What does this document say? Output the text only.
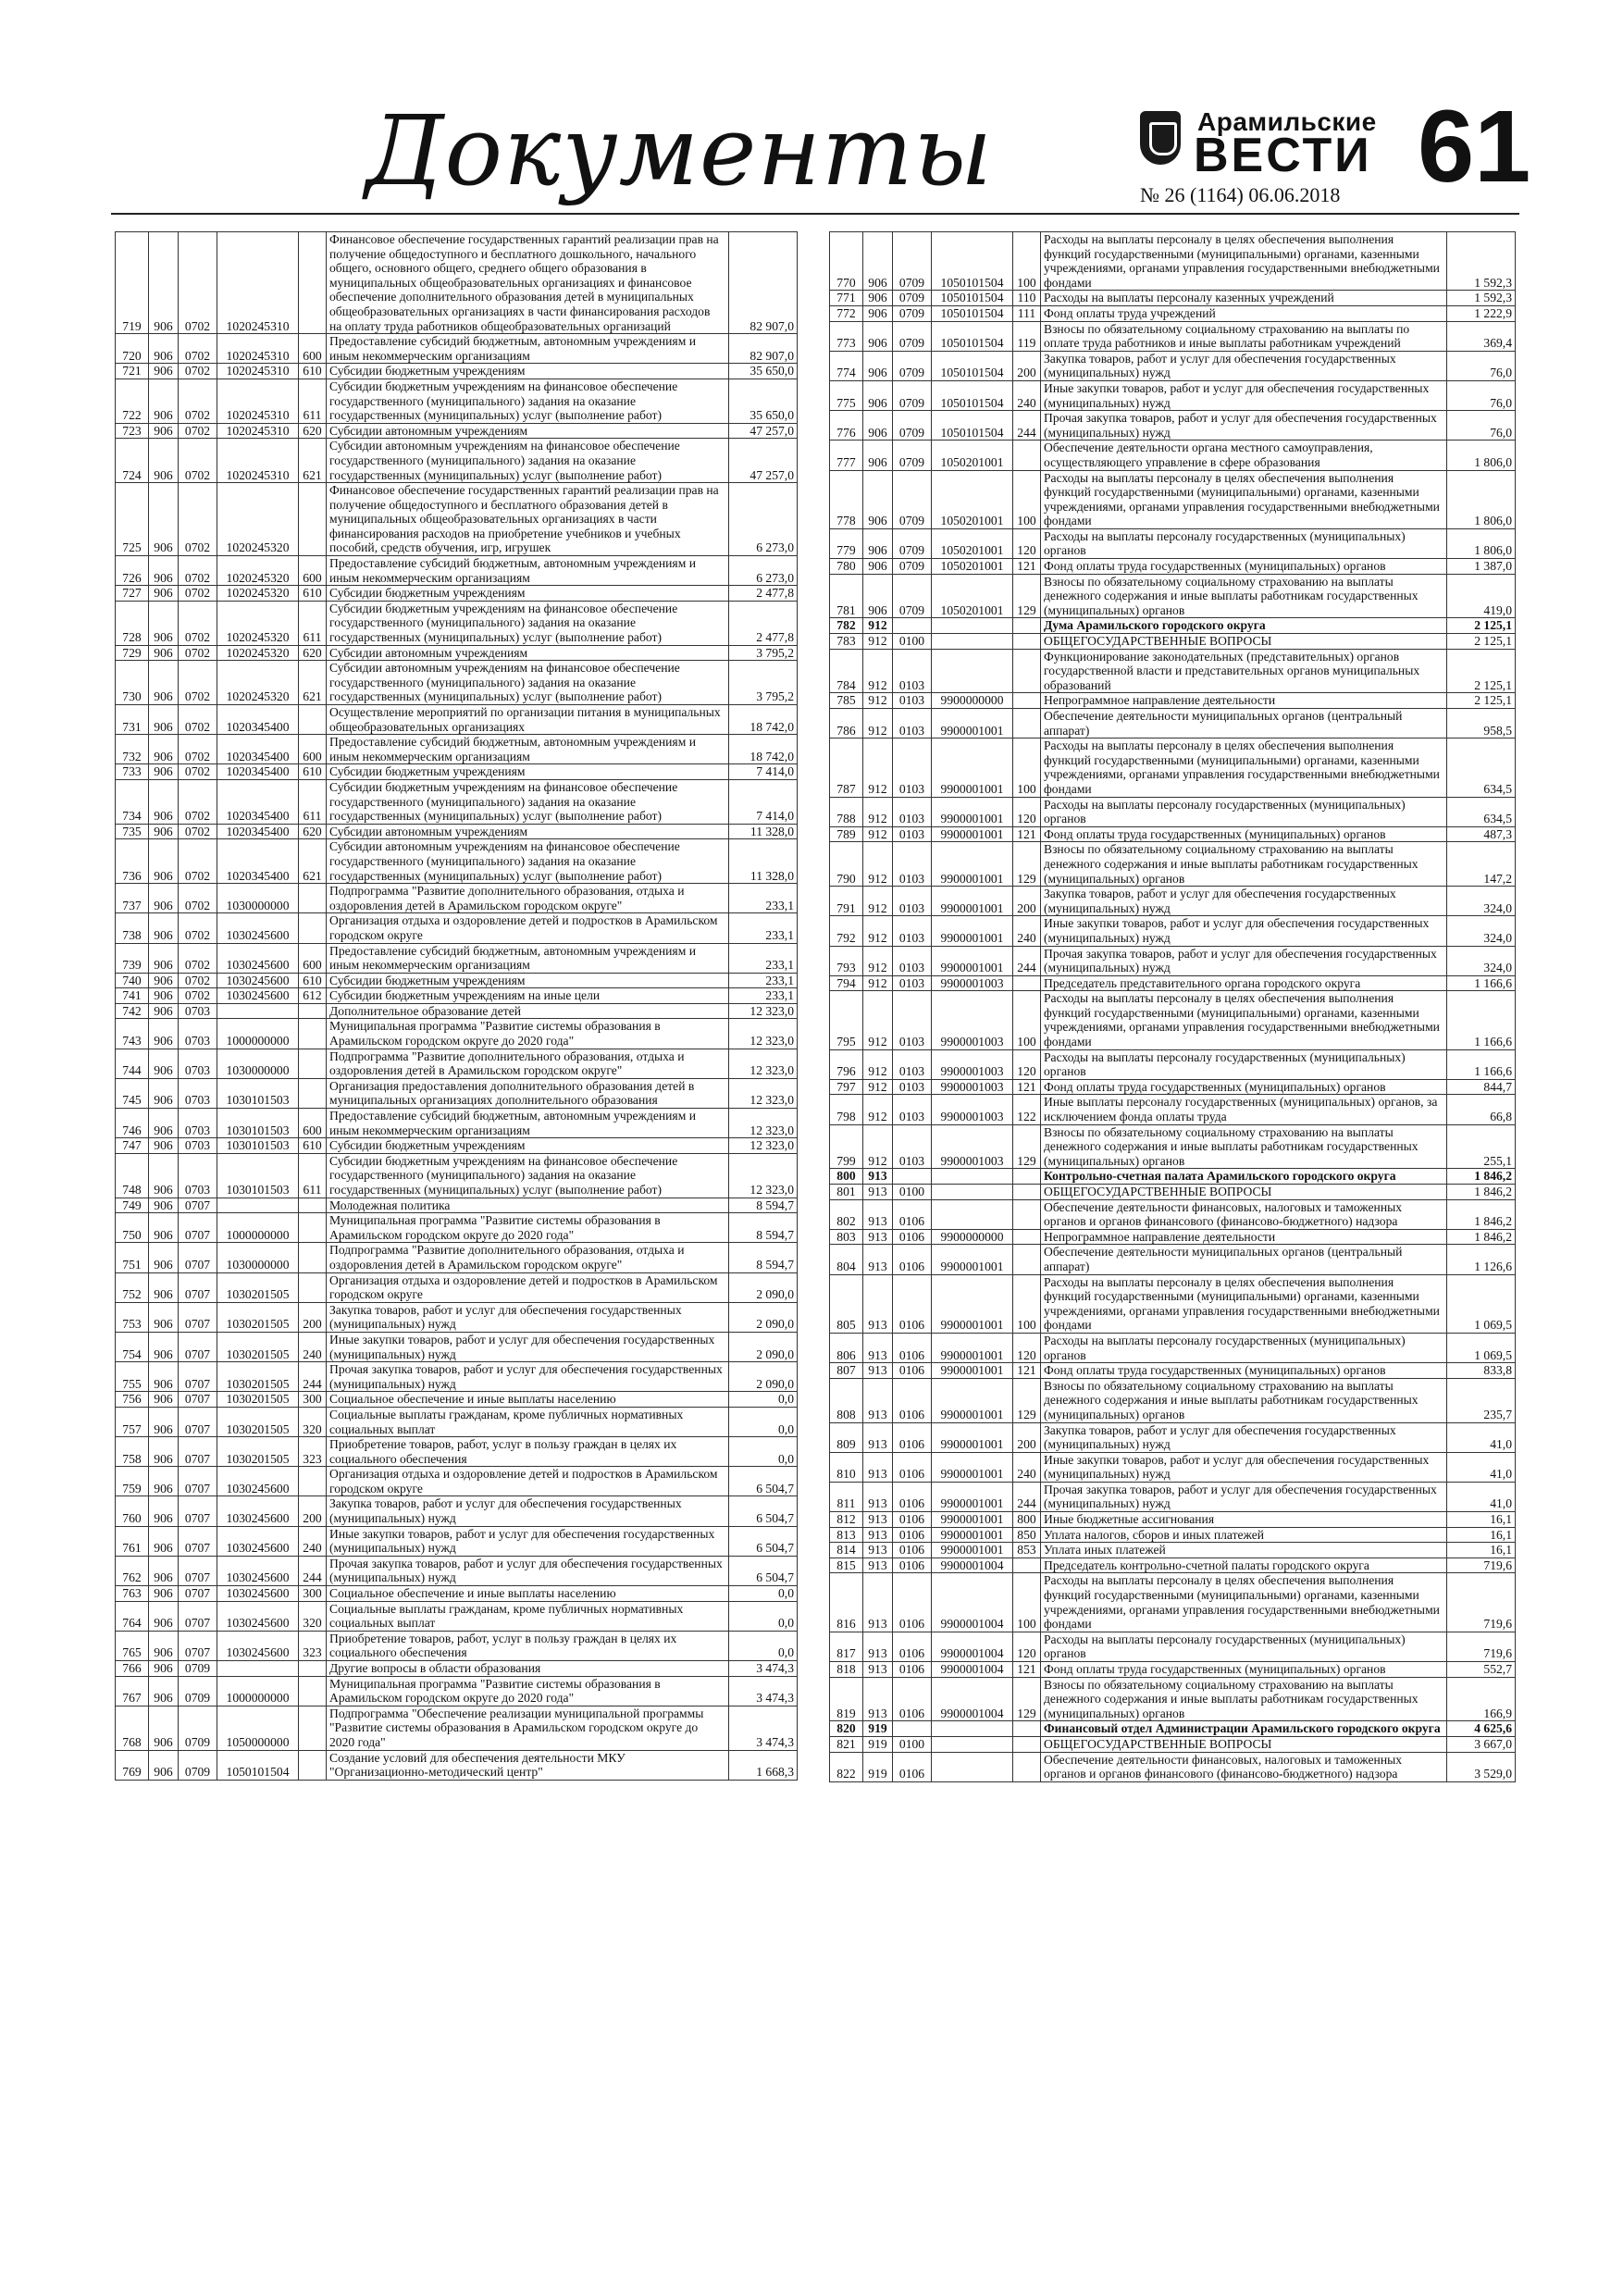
Документы	Арамильские
ВЕСТИ
№ 26 (1164) 06.06.2018 61
719	906	0702	1020245310		Финансовое обеспечение государственных гарантий реализации прав на получение общедоступного и бесплатного дошкольного, начального общего, основного общего, среднего общего образования в муниципальных общеобразовательных организациях и финансовое обеспечение дополнительного образования детей в муниципальных общеобразовательных организациях в части финансирования расходов на оплату труда работников общеобразовательных организаций	82 907,0
720	906	0702	1020245310	600	Предоставление субсидий бюджетным, автономным учреждениям и иным некоммерческим организациям	82 907,0
721	906	0702	1020245310	610	Субсидии бюджетным учреждениям	35 650,0
722	906	0702	1020245310	611	Субсидии бюджетным учреждениям на финансовое обеспечение государственного (муниципального) задания на оказание государственных (муниципальных) услуг (выполнение работ)	35 650,0
723	906	0702	1020245310	620	Субсидии автономным учреждениям	47 257,0
724	906	0702	1020245310	621	Субсидии автономным учреждениям на финансовое обеспечение государственного (муниципального) задания на оказание государственных (муниципальных) услуг (выполнение работ)	47 257,0
725	906	0702	1020245320		Финансовое обеспечение государственных гарантий реализации прав на получение общедоступного и бесплатного образования детей в муниципальных общеобразовательных организациях в части финансирования расходов на приобретение учебников и учебных пособий, средств обучения, игр, игрушек	6 273,0
726	906	0702	1020245320	600	Предоставление субсидий бюджетным, автономным учреждениям и иным некоммерческим организациям	6 273,0
727	906	0702	1020245320	610	Субсидии бюджетным учреждениям	2 477,8
728	906	0702	1020245320	611	Субсидии бюджетным учреждениям на финансовое обеспечение государственного (муниципального) задания на оказание государственных (муниципальных) услуг (выполнение работ)	2 477,8
729	906	0702	1020245320	620	Субсидии автономным учреждениям	3 795,2
730	906	0702	1020245320	621	Субсидии автономным учреждениям на финансовое обеспечение государственного (муниципального) задания на оказание государственных (муниципальных) услуг (выполнение работ)	3 795,2
731	906	0702	1020345400		Осуществление мероприятий по организации питания в муниципальных общеобразовательных организациях	18 742,0
732	906	0702	1020345400	600	Предоставление субсидий бюджетным, автономным учреждениям и иным некоммерческим организациям	18 742,0
733	906	0702	1020345400	610	Субсидии бюджетным учреждениям	7 414,0
734	906	0702	1020345400	611	Субсидии бюджетным учреждениям на финансовое обеспечение государственного (муниципального) задания на оказание государственных (муниципальных) услуг (выполнение работ)	7 414,0
735	906	0702	1020345400	620	Субсидии автономным учреждениям	11 328,0
736	906	0702	1020345400	621	Субсидии автономным учреждениям на финансовое обеспечение государственного (муниципального) задания на оказание государственных (муниципальных) услуг (выполнение работ)	11 328,0
737	906	0702	1030000000		Подпрограмма "Развитие дополнительного образования, отдыха и оздоровления детей в Арамильском городском округе"	233,1
738	906	0702	1030245600		Организация отдыха и оздоровление детей и подростков в Арамильском городском округе	233,1
739	906	0702	1030245600	600	Предоставление субсидий бюджетным, автономным учреждениям и иным некоммерческим организациям	233,1
740	906	0702	1030245600	610	Субсидии бюджетным учреждениям	233,1
741	906	0702	1030245600	612	Субсидии бюджетным учреждениям на иные цели	233,1
742	906	0703			Дополнительное образование детей	12 323,0
743	906	0703	1000000000		Муниципальная программа "Развитие системы образования в Арамильском городском округе до 2020 года"	12 323,0
744	906	0703	1030000000		Подпрограмма "Развитие дополнительного образования, отдыха и оздоровления детей в Арамильском городском округе"	12 323,0
745	906	0703	1030101503		Организация предоставления дополнительного образования детей в муниципальных организациях дополнительного образования	12 323,0
746	906	0703	1030101503	600	Предоставление субсидий бюджетным, автономным учреждениям и иным некоммерческим организациям	12 323,0
747	906	0703	1030101503	610	Субсидии бюджетным учреждениям	12 323,0
748	906	0703	1030101503	611	Субсидии бюджетным учреждениям на финансовое обеспечение государственного (муниципального) задания на оказание государственных (муниципальных) услуг (выполнение работ)	12 323,0
749	906	0707			Молодежная политика	8 594,7
750	906	0707	1000000000		Муниципальная программа "Развитие системы образования в Арамильском городском округе до 2020 года"	8 594,7
751	906	0707	1030000000		Подпрограмма "Развитие дополнительного образования, отдыха и оздоровления детей в Арамильском городском округе"	8 594,7
752	906	0707	1030201505		Организация отдыха и оздоровление детей и подростков в Арамильском городском округе	2 090,0
753	906	0707	1030201505	200	Закупка товаров, работ и услуг для обеспечения государственных (муниципальных) нужд	2 090,0
754	906	0707	1030201505	240	Иные закупки товаров, работ и услуг для обеспечения государственных (муниципальных) нужд	2 090,0
755	906	0707	1030201505	244	Прочая закупка товаров, работ и услуг для обеспечения государственных (муниципальных) нужд	2 090,0
756	906	0707	1030201505	300	Социальное обеспечение и иные выплаты населению	0,0
757	906	0707	1030201505	320	Социальные выплаты гражданам, кроме публичных нормативных социальных выплат	0,0
758	906	0707	1030201505	323	Приобретение товаров, работ, услуг в пользу граждан в целях их социального обеспечения	0,0
759	906	0707	1030245600		Организация отдыха и оздоровление детей и подростков в Арамильском городском округе	6 504,7
760	906	0707	1030245600	200	Закупка товаров, работ и услуг для обеспечения государственных (муниципальных) нужд	6 504,7
761	906	0707	1030245600	240	Иные закупки товаров, работ и услуг для обеспечения государственных (муниципальных) нужд	6 504,7
762	906	0707	1030245600	244	Прочая закупка товаров, работ и услуг для обеспечения государственных (муниципальных) нужд	6 504,7
763	906	0707	1030245600	300	Социальное обеспечение и иные выплаты населению	0,0
764	906	0707	1030245600	320	Социальные выплаты гражданам, кроме публичных нормативных социальных выплат	0,0
765	906	0707	1030245600	323	Приобретение товаров, работ, услуг в пользу граждан в целях их социального обеспечения	0,0
766	906	0709			Другие вопросы в области образования	3 474,3
767	906	0709	1000000000		Муниципальная программа "Развитие системы образования в Арамильском городском округе до 2020 года"	3 474,3
768	906	0709	1050000000		Подпрограмма "Обеспечение реализации муниципальной программы "Развитие системы образования в Арамильском городском округе до 2020 года"	3 474,3
769	906	0709	1050101504		Создание условий для обеспечения деятельности МКУ "Организационно-методический центр"	1 668,3
770	906	0709	1050101504	100	Расходы на выплаты персоналу в целях обеспечения выполнения функций государственными (муниципальными) органами, казенными учреждениями, органами управления государственными внебюджетными фондами	1 592,3
771	906	0709	1050101504	110	Расходы на выплаты персоналу казенных учреждений	1 592,3
772	906	0709	1050101504	111	Фонд оплаты труда учреждений	1 222,9
773	906	0709	1050101504	119	Взносы по обязательному социальному страхованию на выплаты по оплате труда работников и иные выплаты работникам учреждений	369,4
774	906	0709	1050101504	200	Закупка товаров, работ и услуг для обеспечения государственных (муниципальных) нужд	76,0
775	906	0709	1050101504	240	Иные закупки товаров, работ и услуг для обеспечения государственных (муниципальных) нужд	76,0
776	906	0709	1050101504	244	Прочая закупка товаров, работ и услуг для обеспечения государственных (муниципальных) нужд	76,0
777	906	0709	1050201001		Обеспечение деятельности органа местного самоуправления, осуществляющего управление в сфере образования	1 806,0
778	906	0709	1050201001	100	Расходы на выплаты персоналу в целях обеспечения выполнения функций государственными (муниципальными) органами, казенными учреждениями, органами управления государственными внебюджетными фондами	1 806,0
779	906	0709	1050201001	120	Расходы на выплаты персоналу государственных (муниципальных) органов	1 806,0
780	906	0709	1050201001	121	Фонд оплаты труда государственных (муниципальных) органов	1 387,0
781	906	0709	1050201001	129	Взносы по обязательному социальному страхованию на выплаты денежного содержания и иные выплаты работникам государственных (муниципальных) органов	419,0
782	912				Дума Арамильского городского округа	2 125,1
783	912	0100			ОБЩЕГОСУДАРСТВЕННЫЕ ВОПРОСЫ	2 125,1
784	912	0103			Функционирование законодательных (представительных) органов государственной власти и представительных органов муниципальных образований	2 125,1
785	912	0103	9900000000		Непрограммное направление деятельности	2 125,1
786	912	0103	9900001001		Обеспечение деятельности муниципальных органов (центральный аппарат)	958,5
787	912	0103	9900001001	100	Расходы на выплаты персоналу в целях обеспечения выполнения функций государственными (муниципальными) органами, казенными учреждениями, органами управления государственными внебюджетными фондами	634,5
788	912	0103	9900001001	120	Расходы на выплаты персоналу государственных (муниципальных) органов	634,5
789	912	0103	9900001001	121	Фонд оплаты труда государственных (муниципальных) органов	487,3
790	912	0103	9900001001	129	Взносы по обязательному социальному страхованию на выплаты денежного содержания и иные выплаты работникам государственных (муниципальных) органов	147,2
791	912	0103	9900001001	200	Закупка товаров, работ и услуг для обеспечения государственных (муниципальных) нужд	324,0
792	912	0103	9900001001	240	Иные закупки товаров, работ и услуг для обеспечения государственных (муниципальных) нужд	324,0
793	912	0103	9900001001	244	Прочая закупка товаров, работ и услуг для обеспечения государственных (муниципальных) нужд	324,0
794	912	0103	9900001003		Председатель представительного органа городского округа	1 166,6
795	912	0103	9900001003	100	Расходы на выплаты персоналу в целях обеспечения выполнения функций государственными (муниципальными) органами, казенными учреждениями, органами управления государственными внебюджетными фондами	1 166,6
796	912	0103	9900001003	120	Расходы на выплаты персоналу государственных (муниципальных) органов	1 166,6
797	912	0103	9900001003	121	Фонд оплаты труда государственных (муниципальных) органов	844,7
798	912	0103	9900001003	122	Иные выплаты персоналу государственных (муниципальных) органов, за исключением фонда оплаты труда	66,8
799	912	0103	9900001003	129	Взносы по обязательному социальному страхованию на выплаты денежного содержания и иные выплаты работникам государственных (муниципальных) органов	255,1
800	913				Контрольно-счетная палата Арамильского городского округа	1 846,2
801	913	0100			ОБЩЕГОСУДАРСТВЕННЫЕ ВОПРОСЫ	1 846,2
802	913	0106			Обеспечение деятельности финансовых, налоговых и таможенных органов и органов финансового (финансово-бюджетного) надзора	1 846,2
803	913	0106	9900000000		Непрограммное направление деятельности	1 846,2
804	913	0106	9900001001		Обеспечение деятельности муниципальных органов (центральный аппарат)	1 126,6
805	913	0106	9900001001	100	Расходы на выплаты персоналу в целях обеспечения выполнения функций государственными (муниципальными) органами, казенными учреждениями, органами управления государственными внебюджетными фондами	1 069,5
806	913	0106	9900001001	120	Расходы на выплаты персоналу государственных (муниципальных) органов	1 069,5
807	913	0106	9900001001	121	Фонд оплаты труда государственных (муниципальных) органов	833,8
808	913	0106	9900001001	129	Взносы по обязательному социальному страхованию на выплаты денежного содержания и иные выплаты работникам государственных (муниципальных) органов	235,7
809	913	0106	9900001001	200	Закупка товаров, работ и услуг для обеспечения государственных (муниципальных) нужд	41,0
810	913	0106	9900001001	240	Иные закупки товаров, работ и услуг для обеспечения государственных (муниципальных) нужд	41,0
811	913	0106	9900001001	244	Прочая закупка товаров, работ и услуг для обеспечения государственных (муниципальных) нужд	41,0
812	913	0106	9900001001	800	Иные бюджетные ассигнования	16,1
813	913	0106	9900001001	850	Уплата налогов, сборов и иных платежей	16,1
814	913	0106	9900001001	853	Уплата иных платежей	16,1
815	913	0106	9900001004		Председатель контрольно-счетной палаты городского округа	719,6
816	913	0106	9900001004	100	Расходы на выплаты персоналу в целях обеспечения выполнения функций государственными (муниципальными) органами, казенными учреждениями, органами управления государственными внебюджетными фондами	719,6
817	913	0106	9900001004	120	Расходы на выплаты персоналу государственных (муниципальных) органов	719,6
818	913	0106	9900001004	121	Фонд оплаты труда государственных (муниципальных) органов	552,7
819	913	0106	9900001004	129	Взносы по обязательному социальному страхованию на выплаты денежного содержания и иные выплаты работникам государственных (муниципальных) органов	166,9
820	919				Финансовый отдел Администрации Арамильского городского округа	4 625,6
821	919	0100			ОБЩЕГОСУДАРСТВЕННЫЕ ВОПРОСЫ	3 667,0
822	919	0106			Обеспечение деятельности финансовых, налоговых и таможенных органов и органов финансового (финансово-бюджетного) надзора	3 529,0
